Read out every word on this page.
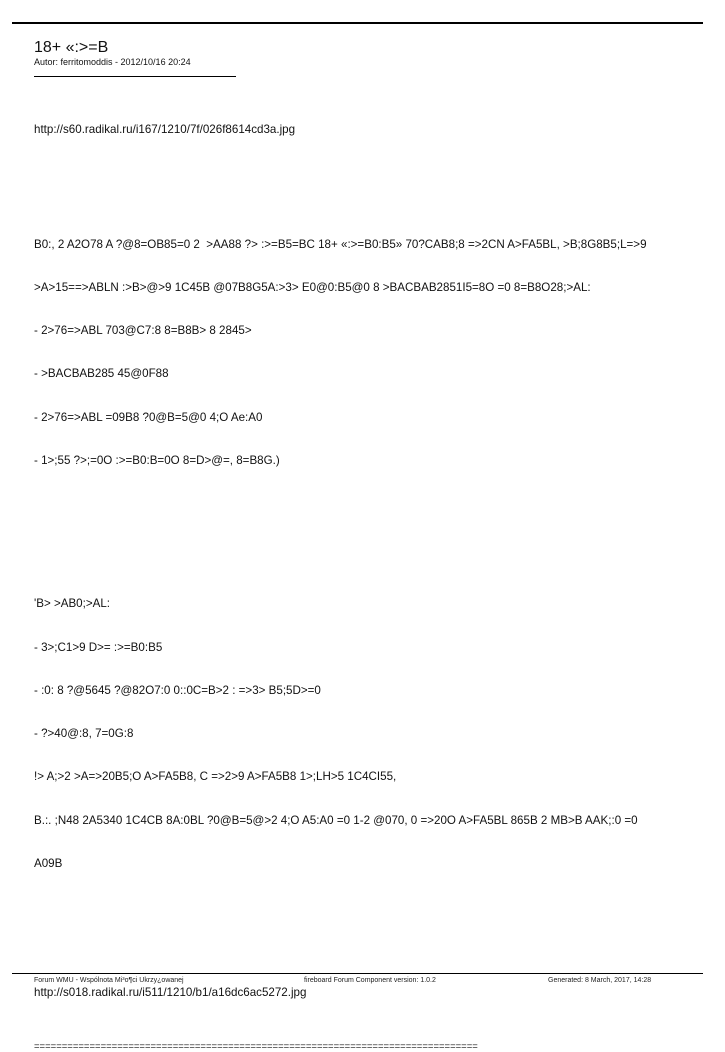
18+ «:>=B
Autor: ferritomoddis - 2012/10/16 20:24

http://s60.radikal.ru/i167/1210/7f/026f8614cd3a.jpg

B0:, 2 A2O78 A ?@8=OB85=0 2  >AA88 ?> :>=B5=BC 18+ «:>=B0:B5» 70?CAB8;8 =>2CN A>FA5BL, >B;8G8B5;L=>9

>A>15==>ABLN :>B>@>9 1C45B @07B8G5A:>3> E0@0:B5@0 8 >BACBAB2851I5=8O =0 8=B8O28;>AL:

- 2>76=>ABL 703@C7:8 8=B8B> 8 2845>

- >BACBAB285 45@0F88

- 2>76=>ABL =09B8 ?0@B=5@0 4;O Ae:A0

- 1>;55 ?>;=0O :>=B0:B=0O 8=D>@=, 8=B8G.)

'B> >AB0;>AL:

- 3>;C1>9 D>= :>=B0:B5

- :0: 8 ?@5645 ?@82O7:0 0::0C=B>2 : =>3> B5;5D>=0

- ?>40@:8, 7=0G:8

!> A;>2 >A=>20B5;O A>FA5B8, C =>2>9 A>FA5B8 1>;LH>5 1C4CI55,

B.:. ;N48 2A5340 1C4CB 8A:0BL ?0@B=5@>2 4;O A5:A0 =0 1-2 @070, 0 =>20O A>FA5BL 865B 2 MB>B AAK;:0 =0

A09B

http://s018.radikal.ru/i511/1210/b1/a16dc6ac5272.jpg

================================================================================
Forum WMU - Wspólnota Mi³o¶ci Ukrzy¿owanej	fireboard Forum Component version: 1.0.2	Generated: 8 March, 2017, 14:28
